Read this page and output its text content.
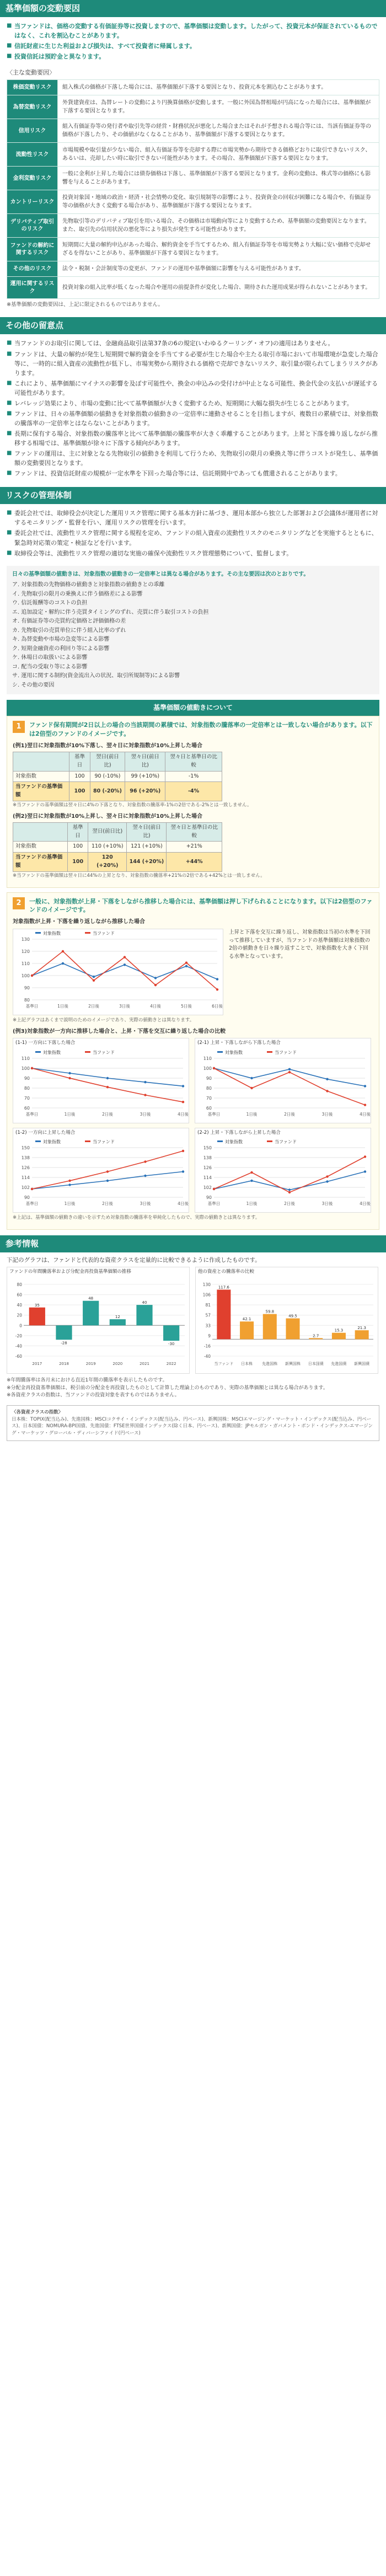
基準価額の変動要因
■ 当ファンドは、価格の変動する有価証券等に投資しますので、基準価額は変動します。したがって、投資元本が保証されているものではなく、これを割込むことがあります。
■ 信託財産に生じた利益および損失は、すべて投資者に帰属します。
■ 投資信託は預貯金と異なります。
〈主な変動要因〉
株価変動リスク	組入株式の価格が下落した場合には、基準価額が下落する要因となり、投資元本を割込むことがあります。
為替変動リスク	外貨建資産は、為替レートの変動により円換算価格が変動します。一般に外国為替相場が円高になった場合には、基準価額が下落する要因となります。
信用リスク	組入有価証券等の発行者や取引先等の経営・財務状況が悪化した場合またはそれが予想される場合等には、当該有価証券等の価格が下落したり、その価値がなくなることがあり、基準価額が下落する要因となります。
流動性リスク	市場規模や取引量が少ない場合、組入有価証券等を売却する際に市場実勢から期待できる価格どおりに取引できないリスク、あるいは、売却したい時に取引できない可能性があります。その場合、基準価額が下落する要因となります。
金利変動リスク	一般に金利が上昇した場合には債券価格は下落し、基準価額が下落する要因となります。金利の変動は、株式等の価格にも影響を与えることがあります。
カントリーリスク	投資対象国・地域の政治・経済・社会情勢の変化、取引規制等の影響により、投資資金の回収が困難になる場合や、有価証券等の価格が大きく変動する場合があり、基準価額が下落する要因となります。
デリバティブ取引のリスク	先物取引等のデリバティブ取引を用いる場合、その価格は市場動向等により変動するため、基準価額の変動要因となります。また、取引先の信用状況の悪化等により損失が発生する可能性があります。
ファンドの解約に関するリスク	短期間に大量の解約申込があった場合、解約資金を手当てするため、組入有価証券等を市場実勢より大幅に安い価格で売却せざるを得ないことがあり、基準価額が下落する要因となります。
その他のリスク	法令・税制・会計制度等の変更が、ファンドの運用や基準価額に影響を与える可能性があります。
運用に関するリスク	投資対象の組入比率が低くなった場合や運用の前提条件が変化した場合、期待された運用成果が得られないことがあります。
※基準価額の変動要因は、上記に限定されるものではありません。
その他の留意点
■ 当ファンドのお取引に関しては、金融商品取引法第37条の6の規定(いわゆるクーリング・オフ)の適用はありません。
■ ファンドは、大量の解約が発生し短期間で解約資金を手当てする必要が生じた場合や主たる取引市場において市場環境が急変した場合等に、一時的に組入資産の流動性が低下し、市場実勢から期待される価格で売却できないリスク、取引量が限られてしまうリスクがあります。
■ これにより、基準価額にマイナスの影響を及ぼす可能性や、換金の申込みの受付けが中止となる可能性、換金代金の支払いが遅延する可能性があります。
■ レバレッジ効果により、市場の変動に比べて基準価額が大きく変動するため、短期間に大幅な損失が生じることがあります。
■ ファンドは、日々の基準価額の値動きを対象指数の値動きの一定倍率に連動させることを目指しますが、複数日の累積では、対象指数の騰落率の一定倍率とはならないことがあります。
■ 長期に保有する場合、対象指数の騰落率と比べて基準価額の騰落率が大きく乖離することがあります。上昇と下落を繰り返しながら推移する相場では、基準価額が徐々に下落する傾向があります。
■ ファンドの運用は、主に対象となる先物取引の値動きを利用して行うため、先物取引の限月の乗換え等に伴うコストが発生し、基準価額の変動要因となります。
■ ファンドは、投資信託財産の規模が一定水準を下回った場合等には、信託期間中であっても償還されることがあります。
リスクの管理体制
■ 委託会社では、取締役会が決定した運用リスク管理に関する基本方針に基づき、運用本部から独立した部署および会議体が運用者に対するモニタリング・監督を行い、運用リスクの管理を行います。
■ 委託会社では、流動性リスク管理に関する規程を定め、ファンドの組入資産の流動性リスクのモニタリングなどを実施するとともに、緊急時対応策の策定・検証などを行います。
■ 取締役会等は、流動性リスク管理の適切な実施の確保や流動性リスク管理態勢について、監督します。
日々の基準価額の値動きは、対象指数の値動きの一定倍率とは異なる場合があります。その主な要因は次のとおりです。
ア. 対象指数の先物価格の値動きと対象指数の値動きとの乖離
イ. 先物取引の限月の乗換えに伴う価格差による影響
ウ. 信託報酬等のコストの負担
エ. 追加設定・解約に伴う売買タイミングのずれ、売買に伴う取引コストの負担
オ. 有価証券等の売買約定価格と評価価格の差
カ. 先物取引の売買単位に伴う組入比率のずれ
キ. 為替変動や市場の急変等による影響
ク. 短期金融資産の利回り等による影響
ケ. 休場日の取扱いによる影響
コ. 配当の受取り等による影響
サ. 運用に関する制約(資金流出入の状況、取引所規制等)による影響
シ. その他の要因
基準価額の値動きについて
1	ファンド保有期間が2日以上の場合の当該期間の累積では、対象指数の騰落率の一定倍率とは一致しない場合があります。以下は2倍型のファンドのイメージです。
(例1)翌日に対象指数が10%下落し、翌々日に対象指数が10%上昇した場合
	基準日	翌日(前日比)	翌々日(前日比)	翌々日と基準日の比較
対象指数	100	90 (-10%)	99 (+10%)	-1%
当ファンドの基準価額	100	80 (-20%)	96 (+20%)	-4%
※当ファンドの基準価額は翌々日に4%の下落となり、対象指数の騰落率-1%の2倍である-2%とは一致しません。
(例2)翌日に対象指数が10%上昇し、翌々日に対象指数が10%上昇した場合
	基準日	翌日(前日比)	翌々日(前日比)	翌々日と基準日の比較
対象指数	100	110 (+10%)	121 (+10%)	+21%
当ファンドの基準価額	100	120 (+20%)	144 (+20%)	+44%
※当ファンドの基準価額は翌々日に44%の上昇となり、対象指数の騰落率+21%の2倍である+42%とは一致しません。
2	一般に、対象指数が上昇・下落をしながら推移した場合には、基準価額は押し下げられることになります。以下は2倍型のファンドのイメージです。
対象指数が上昇・下落を繰り返しながら推移した場合
80
90
100
110
120
130
基準日	1日後	2日後	3日後	4日後	5日後	6日後
対象指数	当ファンド	上昇と下落を交互に繰り返し、対象指数は当初の水準を下回って推移していますが、当ファンドの基準価額は対象指数の2倍の値動きを日々繰り返すことで、対象指数を大きく下回る水準となっています。
※上記グラフはあくまで説明のためのイメージであり、実際の値動きとは異なります。
(例3)対象指数が一方向に推移した場合と、上昇・下落を交互に繰り返した場合の比較
(1-1) 一方向に下落した場合
60
70
80
90
100
110
基準日	1日後	2日後	3日後	4日後
対象指数	当ファンド
(2-1) 上昇・下落しながら下落した場合
60
70
80
90
100
110
基準日	1日後	2日後	3日後	4日後
対象指数	当ファンド
(1-2) 一方向に上昇した場合
90
102
114
126
138
150
基準日	1日後	2日後	3日後	4日後
対象指数	当ファンド
(2-2) 上昇・下落しながら上昇した場合
90
102
114
126
138
150
基準日	1日後	2日後	3日後	4日後
対象指数	当ファンド
※上記は、基準価額の値動きの違いを示すため対象指数の騰落率を単純化したもので、実際の値動きとは異なります。
参考情報
下記のグラフは、ファンドと代表的な資産クラスを定量的に比較できるように作成したものです。
ファンドの年間騰落率および分配金再投資基準価額の推移
-60
-40
-20
0
20
40
60
80
35
2017
-28
2018
48
2019
12
2020
40
2021
-30
2022
他の資産との騰落率の比較
-40
-16
9
33
57
81
106
130
117.6
当ファンド
42.1
日本株
59.8
先進国株
49.5
新興国株
2.7
日本国債
15.3
先進国債
21.3
新興国債
※年間騰落率は各月末における直近1年間の騰落率を表示したものです。
※分配金再投資基準価額は、税引前の分配金を再投資したものとして計算した理論上のものであり、実際の基準価額とは異なる場合があります。
※各資産クラスの指数は、当ファンドの投資対象を表すものではありません。
〈各資産クラスの指数〉
日本株：TOPIX(配当込み)、先進国株：MSCIコクサイ・インデックス(配当込み、円ベース)、新興国株：MSCIエマージング・マーケット・インデックス(配当込み、円ベース)、日本国債：NOMURA-BPI国債、先進国債：FTSE世界国債インデックス(除く日本、円ベース)、新興国債：JPモルガン・ガバメント・ボンド・インデックス-エマージング・マーケッツ・グローバル・ディバーシファイド(円ベース)
